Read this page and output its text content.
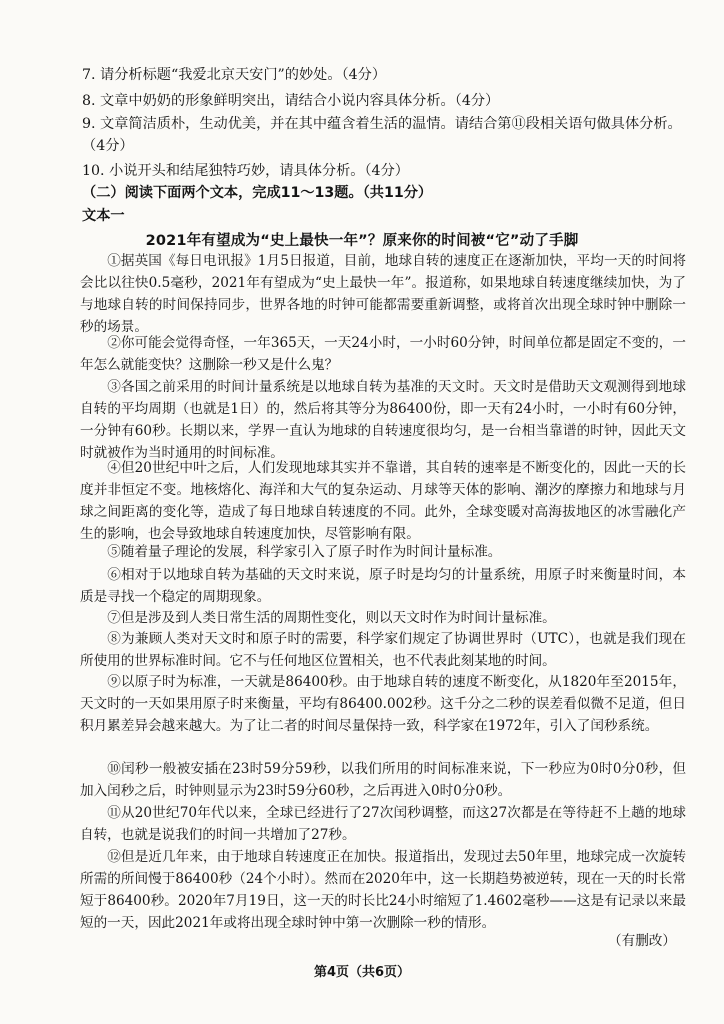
7. 请分析标题“我爱北京天安门”的妙处。（4分）
8. 文章中奶奶的形象鲜明突出，请结合小说内容具体分析。（4分）
9. 文章简洁质朴，生动优美，并在其中蕴含着生活的温情。请结合第⑪段相关语句做具体分析。（4分）
10. 小说开头和结尾独特巧妙，请具体分析。（4分）
（二）阅读下面两个文本，完成11～13题。（共11分）
文本一
2021年有望成为“史上最快一年”？原来你的时间被“它”动了手脚
①据英国《每日电讯报》1月5日报道，目前，地球自转的速度正在逐渐加快，平均一天的时间将会比以往快0.5毫秒，2021年有望成为“史上最快一年”。报道称，如果地球自转速度继续加快，为了与地球自转的时间保持同步，世界各地的时钟可能都需要重新调整，或将首次出现全球时钟中删除一秒的场景。
②你可能会觉得奇怪，一年365天，一天24小时，一小时60分钟，时间单位都是固定不变的，一年怎么就能变快？这删除一秒又是什么鬼？
③各国之前采用的时间计量系统是以地球自转为基准的天文时。天文时是借助天文观测得到地球自转的平均周期（也就是1日）的，然后将其等分为86400份，即一天有24小时，一小时有60分钟，一分钟有60秒。长期以来，学界一直认为地球的自转速度很均匀，是一台相当靠谱的时钟，因此天文时就被作为当时通用的时间标准。
④但20世纪中叶之后，人们发现地球其实并不靠谱，其自转的速率是不断变化的，因此一天的长度并非恒定不变。地核熔化、海洋和大气的复杂运动、月球等天体的影响、潮汐的摩擦力和地球与月球之间距离的变化等，造成了每日地球自转速度的不同。此外，全球变暖对高海拔地区的冰雪融化产生的影响，也会导致地球自转速度加快，尽管影响有限。
⑤随着量子理论的发展，科学家引入了原子时作为时间计量标准。
⑥相对于以地球自转为基础的天文时来说，原子时是均匀的计量系统，用原子时来衡量时间，本质是寻找一个稳定的周期现象。
⑦但是涉及到人类日常生活的周期性变化，则以天文时作为时间计量标准。
⑧为兼顾人类对天文时和原子时的需要，科学家们规定了协调世界时（UTC），也就是我们现在所使用的世界标准时间。它不与任何地区位置相关，也不代表此刻某地的时间。
⑨以原子时为标准，一天就是86400秒。由于地球自转的速度不断变化，从1820年至2015年，天文时的一天如果用原子时来衡量，平均有86400.002秒。这千分之二秒的误差看似微不足道，但日积月累差异会越来越大。为了让二者的时间尽量保持一致，科学家在1972年，引入了闰秒系统。
⑩闰秒一般被安插在23时59分59秒，以我们所用的时间标准来说，下一秒应为0时0分0秒，但加入闰秒之后，时钟则显示为23时59分60秒，之后再进入0时0分0秒。
⑪从20世纪70年代以来，全球已经进行了27次闰秒调整，而这27次都是在等待赶不上趟的地球自转，也就是说我们的时间一共增加了27秒。
⑫但是近几年来，由于地球自转速度正在加快。报道指出，发现过去50年里，地球完成一次旋转所需的所间慢于86400秒（24个小时）。然而在2020年中，这一长期趋势被逆转，现在一天的时长常短于86400秒。2020年7月19日，这一天的时长比24小时缩短了1.4602毫秒——这是有记录以来最短的一天，因此2021年或将出现全球时钟中第一次删除一秒的情形。
（有删改）
第4页（共6页）
